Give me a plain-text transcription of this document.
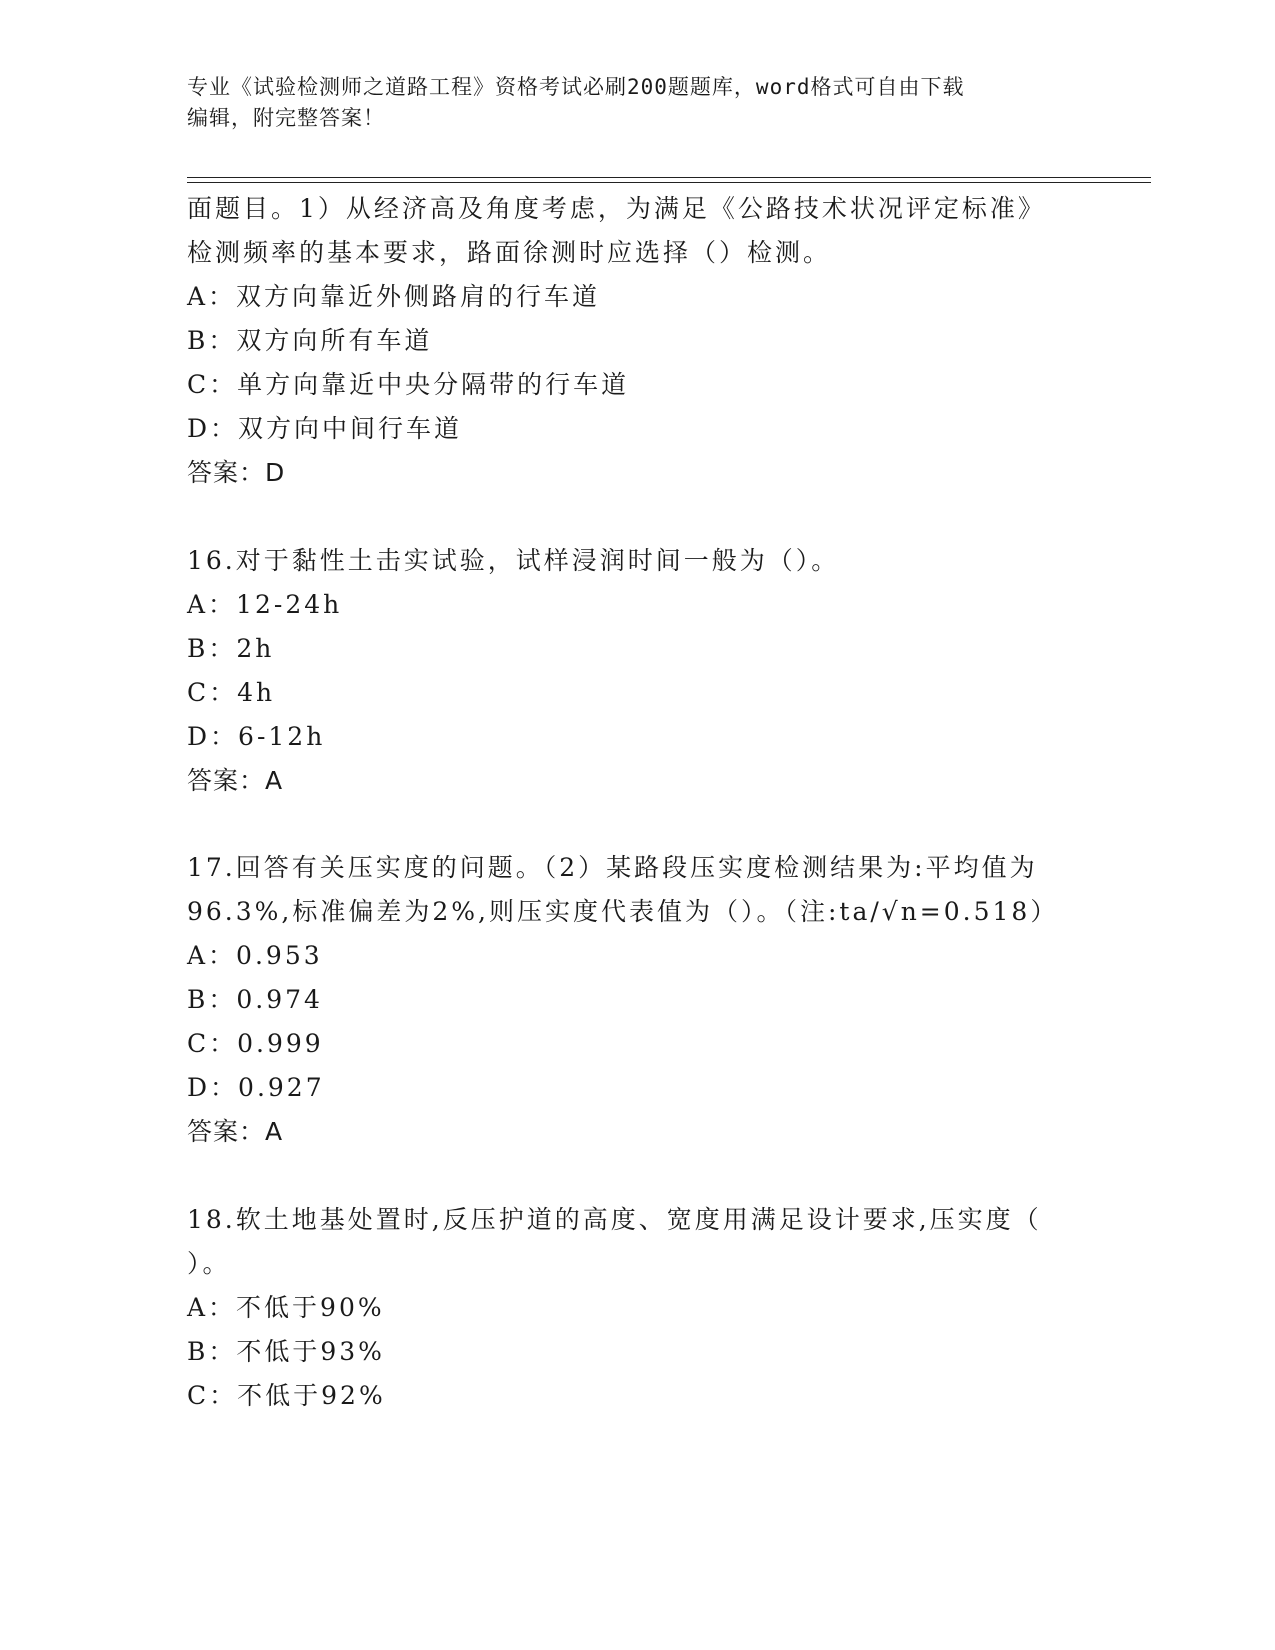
专业《试验检测师之道路工程》资格考试必刷200题题库，word格式可自由下载
编辑，附完整答案！
面题目。1）从经济高及角度考虑，为满足《公路技术状况评定标准》
检测频率的基本要求，路面徐测时应选择（）检测。
A：双方向靠近外侧路肩的行车道
B：双方向所有车道
C：单方向靠近中央分隔带的行车道
D：双方向中间行车道
答案：D
16.对于黏性土击实试验，试样浸润时间一般为（）。
A：12-24h
B：2h
C：4h
D：6-12h
答案：A
17.回答有关压实度的问题。（2）某路段压实度检测结果为:平均值为
96.3%,标准偏差为2%,则压实度代表值为（）。（注:ta/√n=0.518）
A：0.953
B：0.974
C：0.999
D：0.927
答案：A
18.软土地基处置时,反压护道的高度、宽度用满足设计要求,压实度（
）。
A：不低于90%
B：不低于93%
C：不低于92%
